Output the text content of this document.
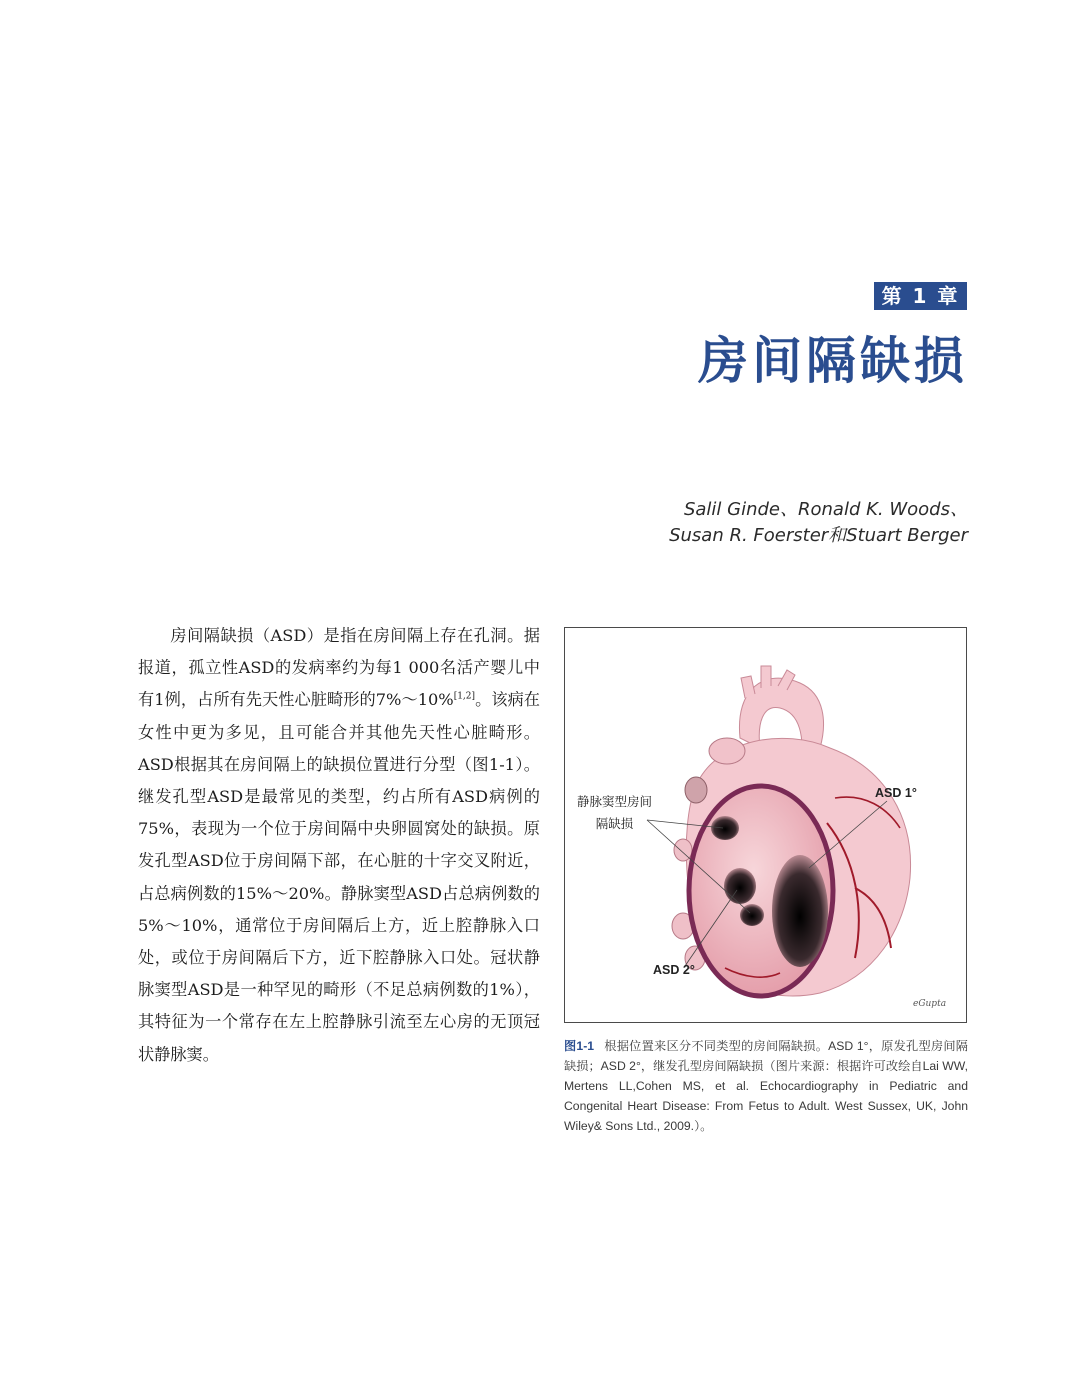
第 1 章
房间隔缺损
Salil Ginde、Ronald K. Woods、
Susan R. Foerster和Stuart Berger

房间隔缺损（ASD）是指在房间隔上存在孔洞。据报道，孤立性ASD的发病率约为每1 000名活产婴儿中有1例，占所有先天性心脏畸形的7%～10%[1,2]。该病在女性中更为多见，且可能合并其他先天性心脏畸形。ASD根据其在房间隔上的缺损位置进行分型（图1-1）。继发孔型ASD是最常见的类型，约占所有ASD病例的75%，表现为一个位于房间隔中央卵圆窝处的缺损。原发孔型ASD位于房间隔下部，在心脏的十字交叉附近，占总病例数的15%～20%。静脉窦型ASD占总病例数的5%～10%，通常位于房间隔后上方，近上腔静脉入口处，或位于房间隔后下方，近下腔静脉入口处。冠状静脉窦型ASD是一种罕见的畸形（不足总病例数的1%），其特征为一个常存在左上腔静脉引流至左心房的无顶冠状静脉窦。

eGupta
静脉窦型房间
隔缺损
ASD 1°
ASD 2°
图1-1 根据位置来区分不同类型的房间隔缺损。ASD 1°，原发孔型房间隔缺损；ASD 2°，继发孔型房间隔缺损（图片来源：根据许可改绘自Lai WW, Mertens LL,Cohen MS, et al. Echocardiography in Pediatric and Congenital Heart Disease: From Fetus to Adult. West Sussex, UK, John Wiley& Sons Ltd., 2009.）。
